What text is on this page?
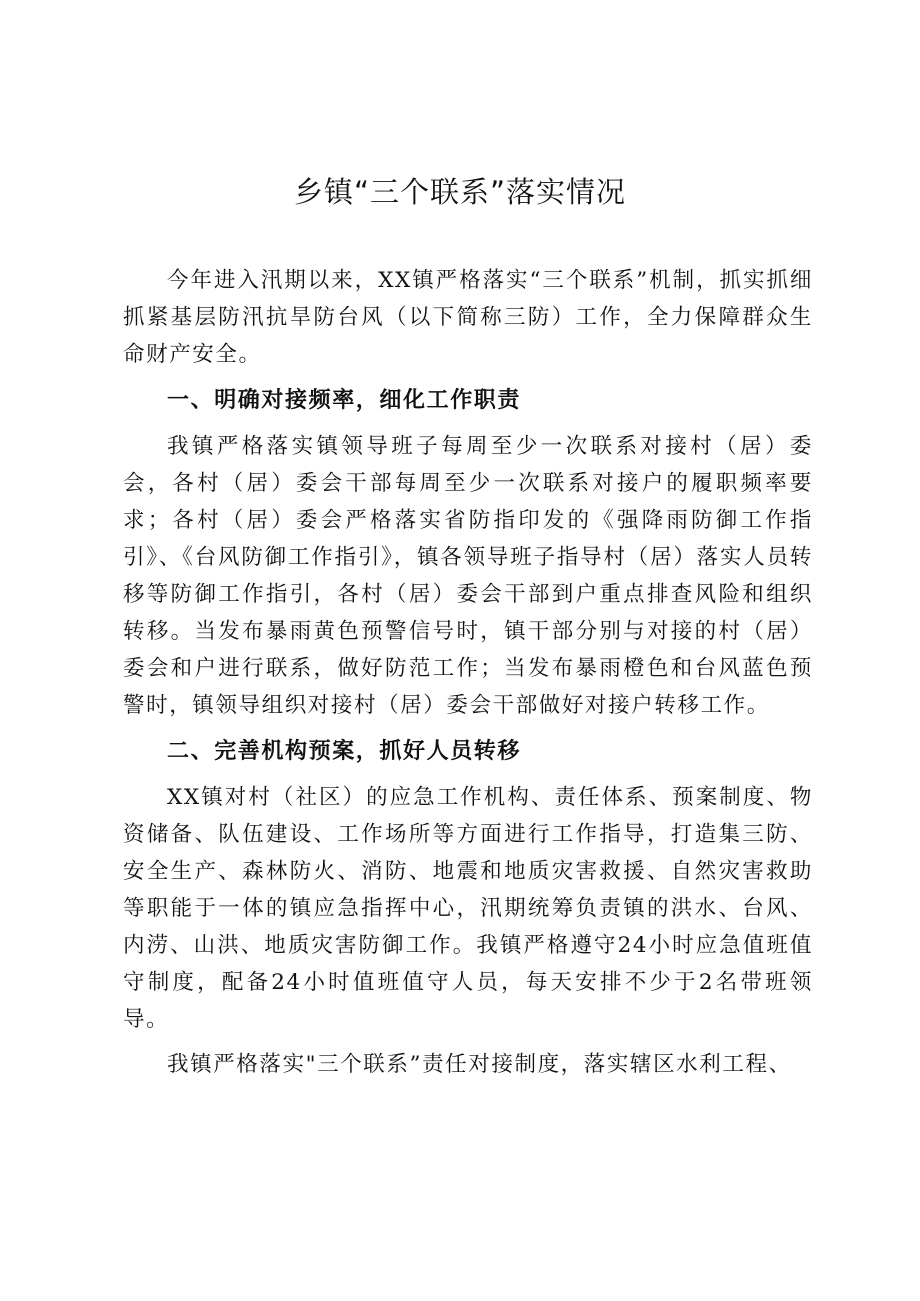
乡镇“三个联系”落实情况

今年进入汛期以来，XX镇严格落实“三个联系”机制，抓实抓细抓紧基层防汛抗旱防台风（以下简称三防）工作，全力保障群众生命财产安全。

一、明确对接频率，细化工作职责

我镇严格落实镇领导班子每周至少一次联系对接村（居）委会，各村（居）委会干部每周至少一次联系对接户的履职频率要求；各村（居）委会严格落实省防指印发的《强降雨防御工作指引》、《台风防御工作指引》，镇各领导班子指导村（居）落实人员转移等防御工作指引，各村（居）委会干部到户重点排查风险和组织转移。当发布暴雨黄色预警信号时，镇干部分别与对接的村（居）委会和户进行联系，做好防范工作；当发布暴雨橙色和台风蓝色预警时，镇领导组织对接村（居）委会干部做好对接户转移工作。

二、完善机构预案，抓好人员转移

XX镇对村（社区）的应急工作机构、责任体系、预案制度、物资储备、队伍建设、工作场所等方面进行工作指导，打造集三防、安全生产、森林防火、消防、地震和地质灾害救援、自然灾害救助等职能于一体的镇应急指挥中心，汛期统筹负责镇的洪水、台风、内涝、山洪、地质灾害防御工作。我镇严格遵守24小时应急值班值守制度，配备24小时值班值守人员，每天安排不少于2名带班领导。

我镇严格落实"三个联系”责任对接制度，落实辖区水利工程、
